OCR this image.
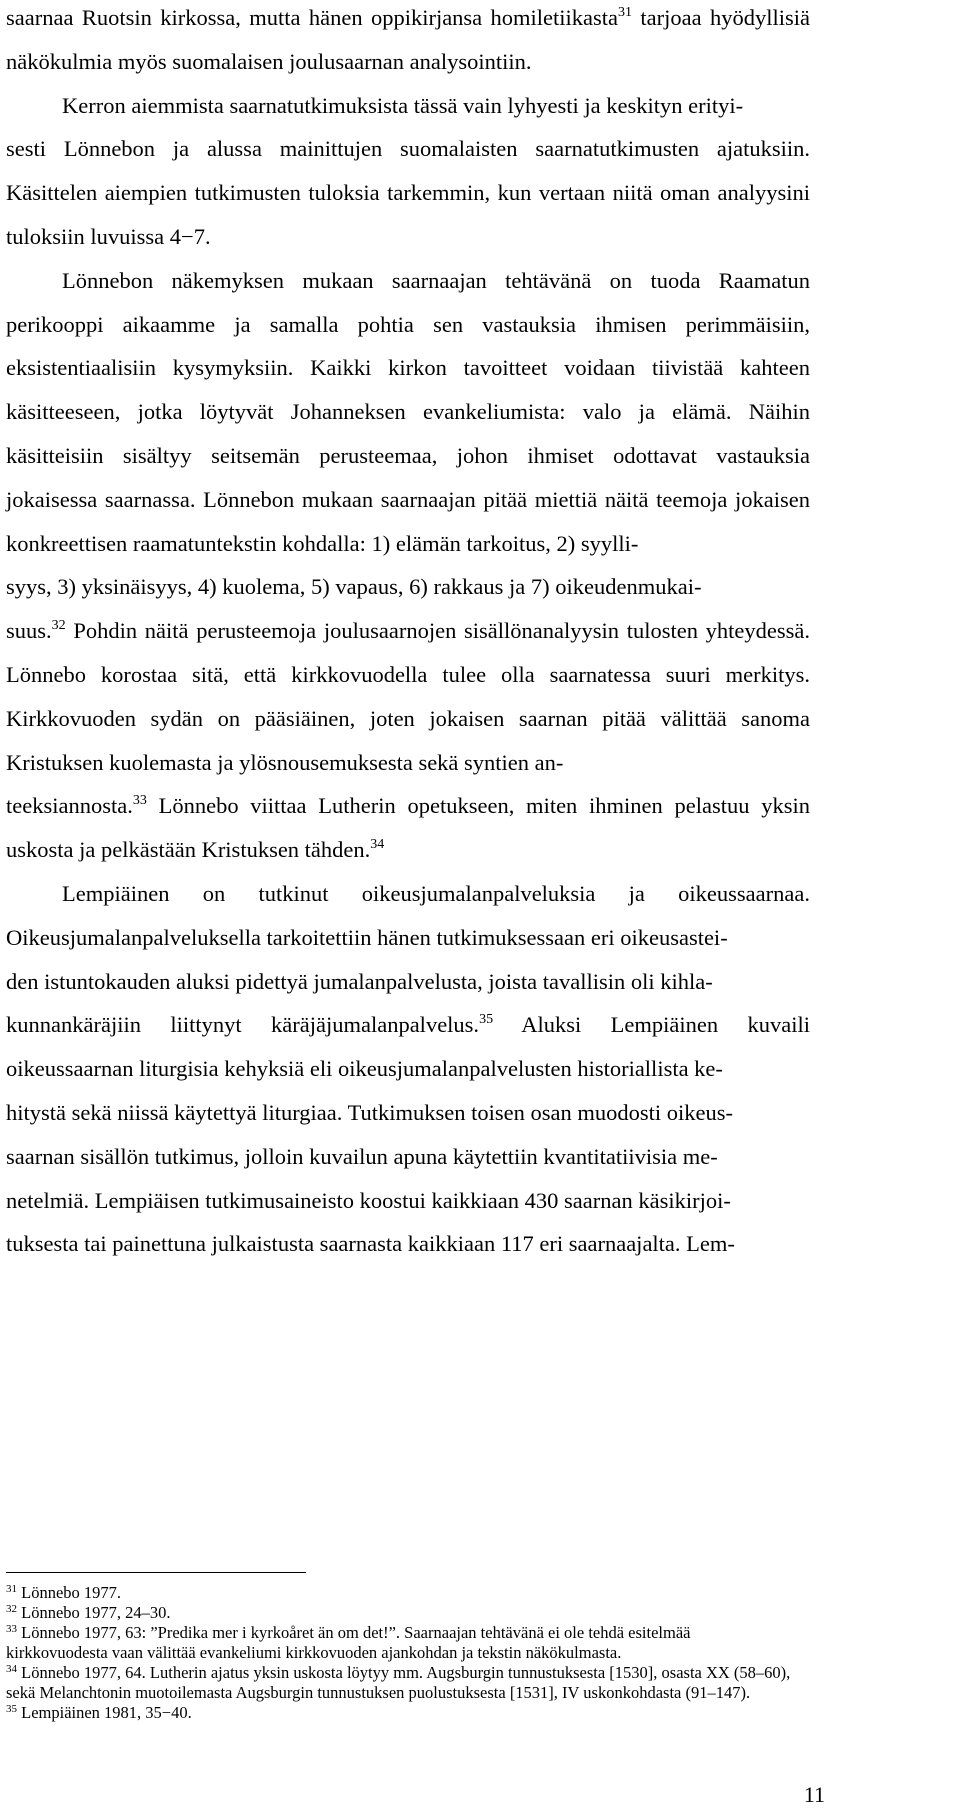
saarnaa Ruotsin kirkossa, mutta hänen oppikirjansa homiletiikasta$^{31}$ tarjoaa hyödyllisiä näkökulmia myös suomalaisen joulusaarnan analysointiin.

Kerron aiemmista saarnatutkimuksista tässä vain lyhyesti ja keskityn erityi-
sesti Lönnebon ja alussa mainittujen suomalaisten saarnatutkimusten ajatuksiin. Käsittelen aiempien tutkimusten tuloksia tarkemmin, kun vertaan niitä oman analyysini tuloksiin luvuissa 4−7.

Lönnebon näkemyksen mukaan saarnaajan tehtävänä on tuoda Raamatun perikooppi aikaamme ja samalla pohtia sen vastauksia ihmisen perimmäisiin, eksistentiaalisiin kysymyksiin. Kaikki kirkon tavoitteet voidaan tiivistää kahteen käsitteeseen, jotka löytyvät Johanneksen evankeliumista: valo ja elämä. Näihin käsitteisiin sisältyy seitsemän perusteemaa, johon ihmiset odottavat vastauksia jokaisessa saarnassa. Lönnebon mukaan saarnaajan pitää miettiä näitä teemoja jokaisen konkreettisen raamatuntekstin kohdalla: 1) elämän tarkoitus, 2) syylli-
syys, 3) yksinäisyys, 4) kuolema, 5) vapaus, 6) rakkaus ja 7) oikeudenmukai-
suus.$^{32}$ Pohdin näitä perusteemoja joulusaarnojen sisällönanalyysin tulosten yhteydessä. Lönnebo korostaa sitä, että kirkkovuodella tulee olla saarnatessa suuri merkitys. Kirkkovuoden sydän on pääsiäinen, joten jokaisen saarnan pitää välittää sanoma Kristuksen kuolemasta ja ylösnousemuksesta sekä syntien an-
teeksiannosta.$^{33}$ Lönnebo viittaa Lutherin opetukseen, miten ihminen pelastuu yksin uskosta ja pelkästään Kristuksen tähden.$^{34}$

Lempiäinen on tutkinut oikeusjumalanpalveluksia ja oikeussaarnaa. Oikeusjumalanpalveluksella tarkoitettiin hänen tutkimuksessaan eri oikeusastei-
den istuntokauden aluksi pidettyä jumalanpalvelusta, joista tavallisin oli kihla-
kunnankäräjiin liittynyt käräjäjumalanpalvelus.$^{35}$ Aluksi Lempiäinen kuvaili oikeussaarnan liturgisia kehyksiä eli oikeusjumalanpalvelusten historiallista ke-
hitystä sekä niissä käytettyä liturgiaa. Tutkimuksen toisen osan muodosti oikeus-
saarnan sisällön tutkimus, jolloin kuvailun apuna käytettiin kvantitatiivisia me-
netelmiä. Lempiäisen tutkimusaineisto koostui kaikkiaan 430 saarnan käsikirjoi-
tuksesta tai painettuna julkaistusta saarnasta kaikkiaan 117 eri saarnaajalta. Lem-

$^{31}$ Lönnebo 1977.
$^{32}$ Lönnebo 1977, 24–30.
$^{33}$ Lönnebo 1977, 63: ”Predika mer i kyrkoåret än om det!”. Saarnaajan tehtävänä ei ole tehdä esitelmää kirkkovuodesta vaan välittää evankeliumi kirkkovuoden ajankohdan ja tekstin näkökulmasta.
$^{34}$ Lönnebo 1977, 64. Lutherin ajatus yksin uskosta löytyy mm. Augsburgin tunnustuksesta [1530], osasta XX (58–60), sekä Melanchtonin muotoilemasta Augsburgin tunnustuksen puolustuksesta [1531], IV uskonkohdasta (91–147).
$^{35}$ Lempiäinen 1981, 35−40.
11
